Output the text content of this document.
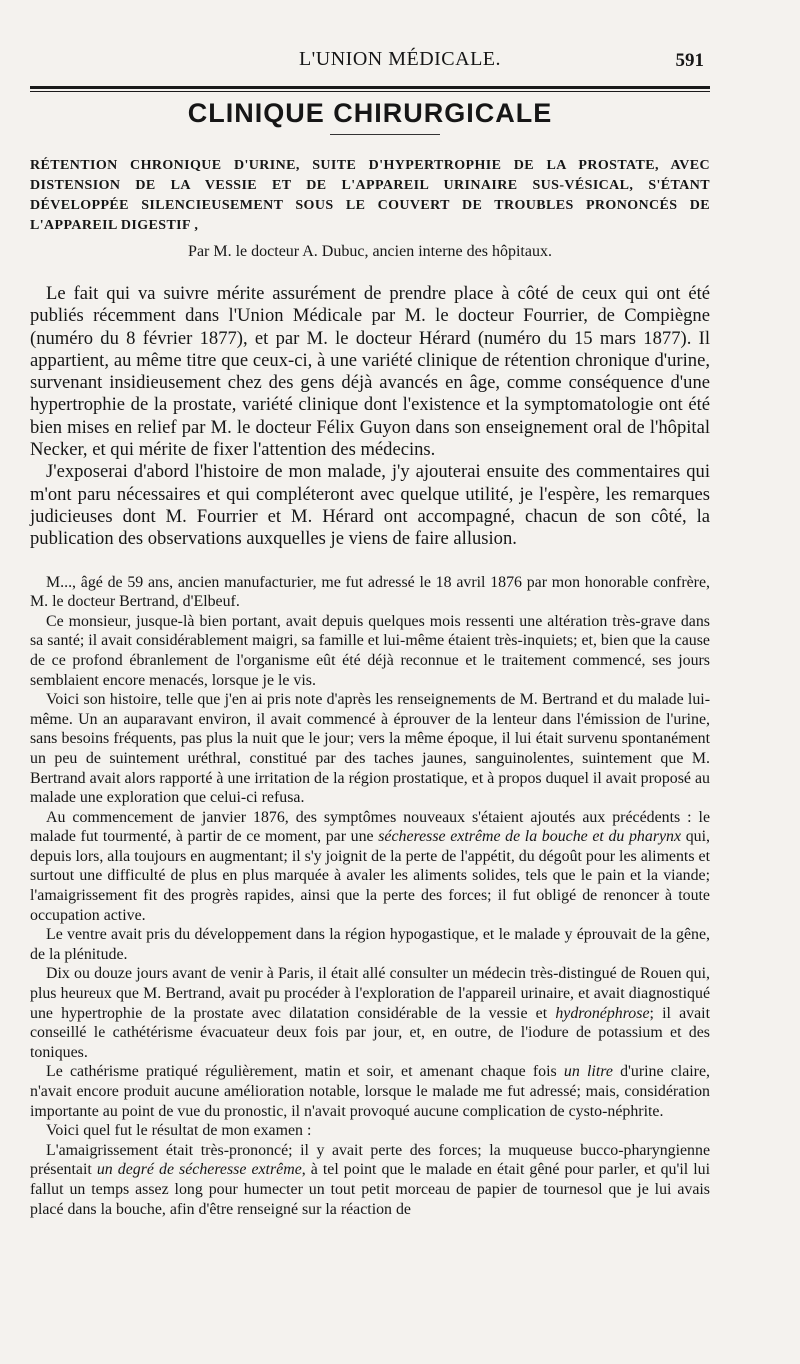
L'UNION MÉDICALE.	591
CLINIQUE CHIRURGICALE
RÉTENTION CHRONIQUE D'URINE, SUITE D'HYPERTROPHIE DE LA PROSTATE, AVEC DISTENSION DE LA VESSIE ET DE L'APPAREIL URINAIRE SUS-VÉSICAL, S'ÉTANT DÉVELOPPÉE SILENCIEUSEMENT SOUS LE COUVERT DE TROUBLES PRONONCÉS DE L'APPAREIL DIGESTIF ,
Par M. le docteur A. Dubuc, ancien interne des hôpitaux.

Le fait qui va suivre mérite assurément de prendre place à côté de ceux qui ont été publiés récemment dans l'Union Médicale par M. le docteur Fourrier, de Compiègne (numéro du 8 février 1877), et par M. le docteur Hérard (numéro du 15 mars 1877). Il appartient, au même titre que ceux-ci, à une variété clinique de rétention chronique d'urine, survenant insidieusement chez des gens déjà avancés en âge, comme conséquence d'une hypertrophie de la prostate, variété clinique dont l'existence et la symptomatologie ont été bien mises en relief par M. le docteur Félix Guyon dans son enseignement oral de l'hôpital Necker, et qui mérite de fixer l'attention des médecins.

J'exposerai d'abord l'histoire de mon malade, j'y ajouterai ensuite des commentaires qui m'ont paru nécessaires et qui compléteront avec quelque utilité, je l'espère, les remarques judicieuses dont M. Fourrier et M. Hérard ont accompagné, chacun de son côté, la publication des observations auxquelles je viens de faire allusion.

M..., âgé de 59 ans, ancien manufacturier, me fut adressé le 18 avril 1876 par mon honorable confrère, M. le docteur Bertrand, d'Elbeuf.

Ce monsieur, jusque-là bien portant, avait depuis quelques mois ressenti une altération très-grave dans sa santé; il avait considérablement maigri, sa famille et lui-même étaient très-inquiets; et, bien que la cause de ce profond ébranlement de l'organisme eût été déjà reconnue et le traitement commencé, ses jours semblaient encore menacés, lorsque je le vis.

Voici son histoire, telle que j'en ai pris note d'après les renseignements de M. Bertrand et du malade lui-même. Un an auparavant environ, il avait commencé à éprouver de la lenteur dans l'émission de l'urine, sans besoins fréquents, pas plus la nuit que le jour; vers la même époque, il lui était survenu spontanément un peu de suintement uréthral, constitué par des taches jaunes, sanguinolentes, suintement que M. Bertrand avait alors rapporté à une irritation de la région prostatique, et à propos duquel il avait proposé au malade une exploration que celui-ci refusa.

Au commencement de janvier 1876, des symptômes nouveaux s'étaient ajoutés aux précédents : le malade fut tourmenté, à partir de ce moment, par une sécheresse extrême de la bouche et du pharynx qui, depuis lors, alla toujours en augmentant; il s'y joignit de la perte de l'appétit, du dégoût pour les aliments et surtout une difficulté de plus en plus marquée à avaler les aliments solides, tels que le pain et la viande; l'amaigrissement fit des progrès rapides, ainsi que la perte des forces; il fut obligé de renoncer à toute occupation active.

Le ventre avait pris du développement dans la région hypogastique, et le malade y éprouvait de la gêne, de la plénitude.

Dix ou douze jours avant de venir à Paris, il était allé consulter un médecin très-distingué de Rouen qui, plus heureux que M. Bertrand, avait pu procéder à l'exploration de l'appareil urinaire, et avait diagnostiqué une hypertrophie de la prostate avec dilatation considérable de la vessie et hydronéphrose; il avait conseillé le cathétérisme évacuateur deux fois par jour, et, en outre, de l'iodure de potassium et des toniques.

Le cathérisme pratiqué régulièrement, matin et soir, et amenant chaque fois un litre d'urine claire, n'avait encore produit aucune amélioration notable, lorsque le malade me fut adressé; mais, considération importante au point de vue du pronostic, il n'avait provoqué aucune complication de cysto-néphrite.

Voici quel fut le résultat de mon examen :

L'amaigrissement était très-prononcé; il y avait perte des forces; la muqueuse bucco-pharyngienne présentait un degré de sécheresse extrême, à tel point que le malade en était gêné pour parler, et qu'il lui fallut un temps assez long pour humecter un tout petit morceau de papier de tournesol que je lui avais placé dans la bouche, afin d'être renseigné sur la réaction de
